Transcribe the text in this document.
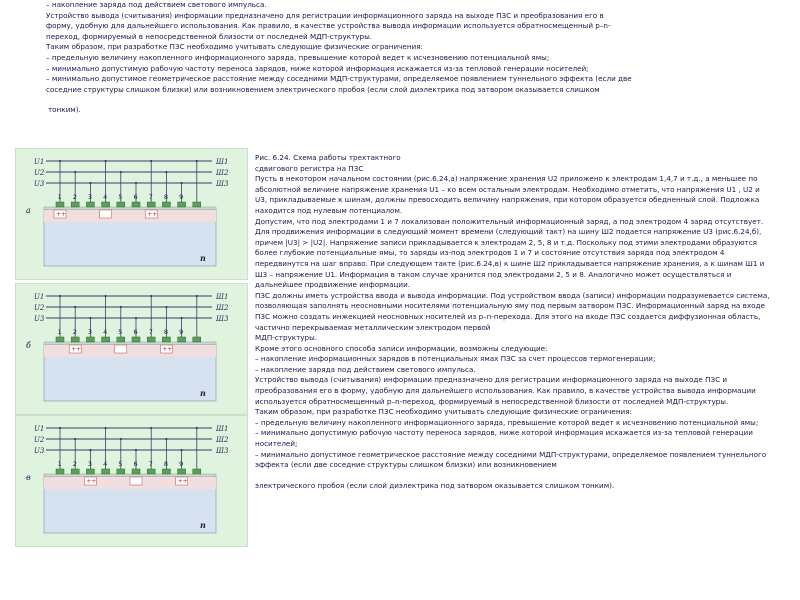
– накопление заряда под действием светового импульса.

Устройство вывода (считывания) информации предназначено для регистрации информационного заряда на выходе ПЗС и преобразования его в

форму, удобную для дальнейшего использования. Как правило, в качестве устройства вывода информации используется обратносмещенный p–n-

переход, формируемый в непосредственной близости от последней МДП-структуры.

Таким образом, при разработке ПЗС необходимо учитывать следующие физические ограничения:

– предельную величину накопленного информационного заряда, превышение которой ведет к исчезновению потенциальной ямы;

– минимально допустимую рабочую частоту переноса зарядов, ниже которой информация искажается из-за тепловой генерации носителей;

– минимально допустимое геометрическое расстояние между соседними МДП-структурами, определяемое появлением туннельного эффекта (если две

соседние структуры слишком близки) или возникновением электрического пробоя (если слой диэлектрика под затвором оказывается слишком

тонким).

U1	Ш1
U2	Ш2
U3	Ш3
1 2 3 4 5 6 7 8 9
++	++
a
n
U1	Ш1
U2	Ш2
U3	Ш3
1 2 3 4 5 6 7 8 9
++	++
б
n
U1	Ш1
U2	Ш2
U3	Ш3
1 2 3 4 5 6 7 8 9
++	++
в
n

Рис. 6.24. Схема работы трехтактного

сдвигового регистра на ПЗС

Пусть в некотором начальном состоянии (рис.6.24,а) напряжение хранения U2 приложено к электродам 1,4,7 и т.д., а меньшее по абсолютной величине напряжение хранения U1 – ко всем остальным электродам. Необходимо отметить, что напряжения U1 , U2 и U3, прикладываемые к шинам, должны превосходить величину напряжения, при котором образуется обедненный слой. Подложка находится под нулевым потенциалом.

Допустим, что под электродами 1 и 7 локализован положительный информационный заряд, а под электродом 4 заряд отсутствует. Для продвижения информации в следующий момент времени (следующий такт) на шину Ш2 подается напряжение U3 (рис.6.24,б), причем |U3| > |U2|. Напряжение записи прикладывается к электродам 2, 5, 8 и т.д. Поскольку под этими электродами образуются более глубокие потенциальные ямы, то заряды из-под электродов 1 и 7 и состояние отсутствия заряда под электродом 4 передвинутся на шаг вправо. При следующем такте (рис.6.24,в) к шине Ш2 прикладывается напряжение хранения, а к шинам Ш1 и Ш3 – напряжение U1. Информация в таком случае хранится под электродами 2, 5 и 8. Аналогично может осуществляться и дальнейшее продвижение информации.

ПЗС должны иметь устройства ввода и вывода информации. Под устройством ввода (записи) информации подразумевается система, позволяющая заполнять неосновными носителями потенциальную яму под первым затвором ПЗС. Информационный заряд на входе ПЗС можно создать инжекцией неосновных носителей из p–n-перехода. Для этого на входе ПЗС создается диффузионная область, частично перекрываемая металлическим электродом первой

МДП-структуры.

Кроме этого основного способа записи информации, возможны следующие:

– накопление информационных зарядов в потенциальных ямах ПЗС за счет процессов термогенерации;

– накопление заряда под действием светового импульса.

Устройство вывода (считывания) информации предназначено для регистрации информационного заряда на выходе ПЗС и преобразования его в форму, удобную для дальнейшего использования. Как правило, в качестве устройства вывода информации используется обратносмещенный p–n-переход, формируемый в непосредственной близости от последней МДП-структуры.

Таким образом, при разработке ПЗС необходимо учитывать следующие физические ограничения:

– предельную величину накопленного информационного заряда, превышение которой ведет к исчезновению потенциальной ямы;

– минимально допустимую рабочую частоту переноса зарядов, ниже которой информация искажается из-за тепловой генерации носителей;

– минимально допустимое геометрическое расстояние между соседними МДП-структурами, определяемое появлением туннельного эффекта (если две соседние структуры слишком близки) или возникновением

электрического пробоя (если слой диэлектрика под затвором оказывается слишком тонким).
